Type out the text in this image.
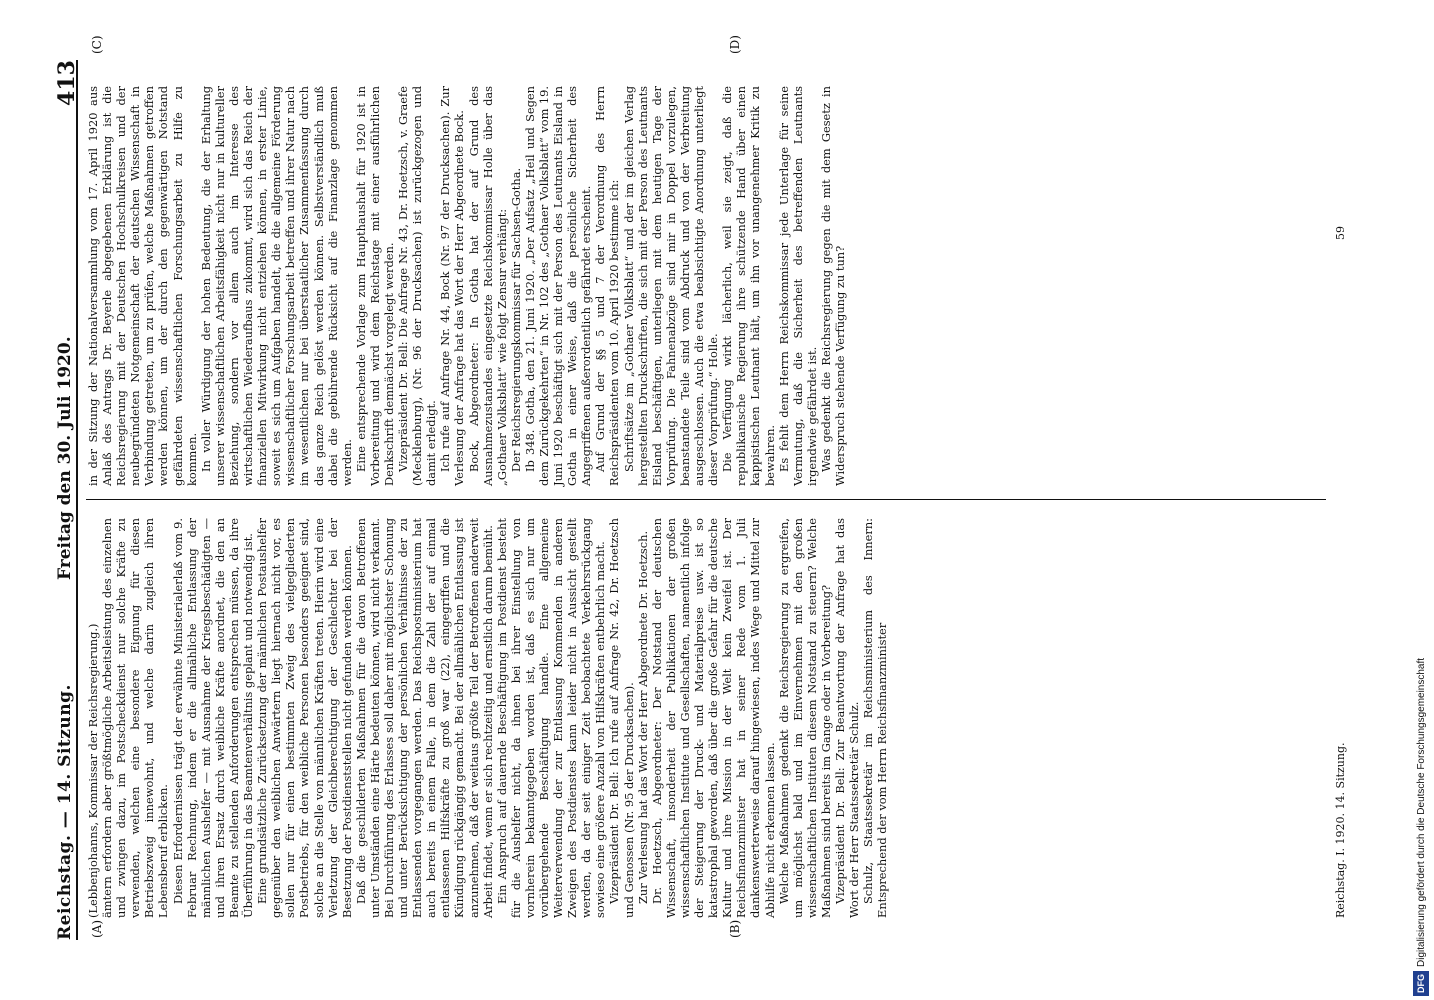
Reichstag. — 14. Sitzung.
Freitag den 30. Juli 1920.
413
(A)	(B)
(C)	(D)

(Lebbenjohanns, Kommissar der Reichsregierung.) ämtern erfordern aber größtmögliche Arbeitsleistung des einzelnen und zwingen dazu, im Postscheckdienst nur solche Kräfte zu verwenden, welchen eine besondere Eignung für diesen Betriebszweig innewohnt, und welche darin zugleich ihren Lebensberuf erblicken. Diesen Erfordernissen trägt der erwähnte Ministerialerlaß vom 9. Februar Rechnung, indem er die allmähliche Entlassung der männlichen Aushelfer — mit Ausnahme der Kriegsbeschädigten — und ihren Ersatz durch weibliche Kräfte anordnet, die den an Beamte zu stellenden Anforderungen entsprechen müssen, da ihre Überführung in das Beamtenverhältnis geplant und notwendig ist. Eine grundsätzliche Zurücksetzung der männlichen Postaushelfer gegenüber den weiblichen Anwärtern liegt hiernach nicht vor, es sollen nur für einen bestimmten Zweig des vielgegliederten Postbetriebs, für den weibliche Personen besonders geeignet sind, solche an die Stelle von männlichen Kräften treten. Hierin wird eine Verletzung der Gleichberechtigung der Geschlechter bei der Besetzung der Postdienststellen nicht gefunden werden können. Daß die geschilderten Maßnahmen für die davon Betroffenen unter Umständen eine Härte bedeuten können, wird nicht verkannt. Bei Durchführung des Erlasses soll daher mit möglichster Schonung und unter Berücksichtigung der persönlichen Verhältnisse der zu Entlassenden vorgegangen werden. Das Reichspostministerium hat auch bereits in einem Falle, in dem die Zahl der auf einmal entlassenen Hilfskräfte zu groß war (22), eingegriffen und die Kündigung rückgängig gemacht. Bei der allmählichen Entlassung ist anzunehmen, daß der weitaus größte Teil der Betroffenen anderweit Arbeit findet, wenn er sich rechtzeitig und ernstlich darum bemüht. Ein Anspruch auf dauernde Beschäftigung im Postdienst besteht für die Aushelfer nicht, da ihnen bei ihrer Einstellung von vornherein bekanntgegeben worden ist, daß es sich nur um vorübergehende Beschäftigung handle. Eine allgemeine Weiterverwendung der zur Entlassung Kommenden in anderen Zweigen des Postdienstes kann leider nicht in Aussicht gestellt werden, da der seit einiger Zeit beobachtete Verkehrsrückgang sowieso eine größere Anzahl von Hilfskräften entbehrlich macht. Vizepräsident Dr. Bell: Ich rufe auf Anfrage Nr. 42, Dr. Hoetzsch und Genossen (Nr. 95 der Drucksachen). Zur Verlesung hat das Wort der Herr Abgeordnete Dr. Hoetzsch. Dr. Hoetzsch, Abgeordneter: Der Notstand der deutschen Wissenschaft, insonderheit der Publikationen der großen wissenschaftlichen Institute und Gesellschaften, namentlich infolge der Steigerung der Druck- und Materialpreise usw. ist so katastrophal geworden, daß über die große Gefahr für die deutsche Kultur und ihre Mission in der Welt kein Zweifel ist. Der Reichsfinanzminister hat in seiner Rede vom 1. Juli dankenswerterweise darauf hingewiesen, indes Wege und Mittel zur Abhilfe nicht erkennen lassen. Welche Maßnahmen gedenkt die Reichsregierung zu ergreifen, um möglichst bald und im Einvernehmen mit den großen wissenschaftlichen Instituten diesem Notstand zu steuern? Welche Maßnahmen sind bereits im Gange oder in Vorbereitung? Vizepräsident Dr. Bell: Zur Beantwortung der Anfrage hat das Wort der Herr Staatssekretär Schulz. Schulz, Staatssekretär im Reichsministerium des Innern: Entsprechend der vom Herrn Reichsfinanzminister

in der Sitzung der Nationalversammlung vom 17. April 1920 aus Anlaß des Antrags Dr. Beyerle abgegebenen Erklärung ist die Reichsregierung mit der Deutschen Hochschulkreisen und der neubegründeten Notgemeinschaft der deutschen Wissenschaft in Verbindung getreten, um zu prüfen, welche Maßnahmen getroffen werden können, um der durch den gegenwärtigen Notstand gefährdeten wissenschaftlichen Forschungsarbeit zu Hilfe zu kommen. In voller Würdigung der hohen Bedeutung, die der Erhaltung unserer wissenschaftlichen Arbeitsfähigkeit nicht nur in kultureller Beziehung, sondern vor allem auch im Interesse des wirtschaftlichen Wiederaufbaus zukommt, wird sich das Reich der finanziellen Mitwirkung nicht entziehen können, in erster Linie, soweit es sich um Aufgaben handelt, die die allgemeine Förderung wissenschaftlicher Forschungsarbeit betreffen und ihrer Natur nach im wesentlichen nur bei überstaatlicher Zusammenfassung durch das ganze Reich gelöst werden können. Selbstverständlich muß dabei die gebührende Rücksicht auf die Finanzlage genommen werden. Eine entsprechende Vorlage zum Haupthaushalt für 1920 ist in Vorbereitung und wird dem Reichstage mit einer ausführlichen Denkschrift demnächst vorgelegt werden. Vizepräsident Dr. Bell: Die Anfrage Nr. 43, Dr. Hoetzsch, v. Graefe (Mecklenburg), (Nr. 96 der Drucksachen) ist zurückgezogen und damit erledigt. Ich rufe auf Anfrage Nr. 44, Bock (Nr. 97 der Drucksachen). Zur Verlesung der Anfrage hat das Wort der Herr Abgeordnete Bock. Bock, Abgeordneter: In Gotha hat der auf Grund des Ausnahmezustandes eingesetzte Reichskommissar Holle über das „Gothaer Volksblatt“ wie folgt Zensur verhängt: Der Reichsregierungskommissar für Sachsen-Gotha. Ib 348. Gotha, den 21. Juni 1920. „Der Aufsatz „Heil und Segen dem Zurückgekehrten“ in Nr. 102 des „Gothaer Volksblatt“ vom 19. Juni 1920 beschäftigt sich mit der Person des Leutnants Eisland in Gotha in einer Weise, daß die persönliche Sicherheit des Angegriffenen außerordentlich gefährdet erscheint. Auf Grund der §§ 5 und 7 der Verordnung des Herrn Reichspräsidenten vom 10. April 1920 bestimme ich: Schriftsätze im „Gothaer Volksblatt“ und der im gleichen Verlag hergestellten Druckschriften, die sich mit der Person des Leutnants Eisland beschäftigen, unterliegen mit dem heutigen Tage der Vorprüfung. Die Fahnenabzüge sind mir in Doppel vorzulegen, beanstandete Teile sind vom Abdruck und von der Verbreitung ausgeschlossen. Auch die etwa beabsichtigte Anordnung unterliegt dieser Vorprüfung.“ Holle. Die Verfügung wirkt lächerlich, weil sie zeigt, daß die republikanische Regierung ihre schützende Hand über einen kappistischen Leutnant hält, um ihn vor unangenehmer Kritik zu bewahren. Es fehlt dem Herrn Reichskommissar jede Unterlage für seine Vermutung, daß die Sicherheit des betreffenden Leutnants irgendwie gefährdet ist. Was gedenkt die Reichsregierung gegen die mit dem Gesetz in Widerspruch stehende Verfügung zu tun?

Reichstag. I. 1920. 14. Sitzung.
59
DFGDigitalisierung gefördert durch die Deutsche Forschungsgemeinschaft
